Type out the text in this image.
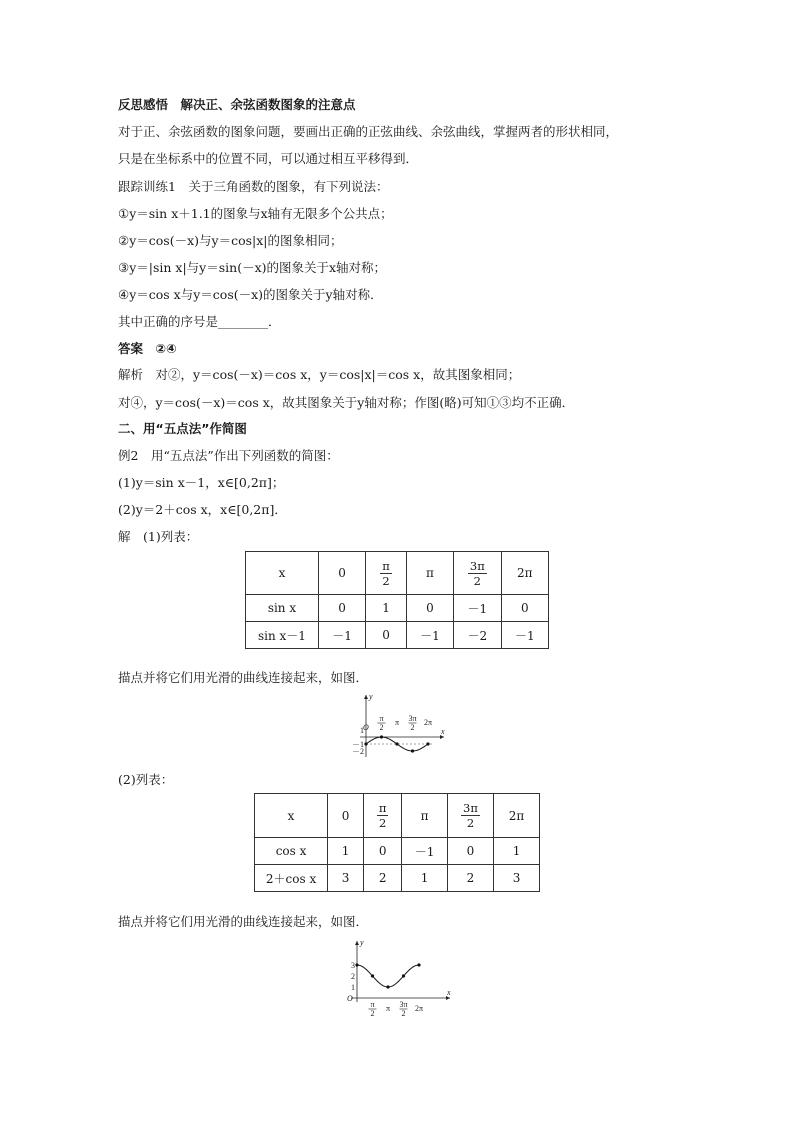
反思感悟　解决正、余弦函数图象的注意点
对于正、余弦函数的图象问题，要画出正确的正弦曲线、余弦曲线，掌握两者的形状相同，
只是在坐标系中的位置不同，可以通过相互平移得到．
跟踪训练1　关于三角函数的图象，有下列说法：
①y＝sin x＋1.1的图象与x轴有无限多个公共点；
②y＝cos(－x)与y＝cos|x|的图象相同；
③y＝|sin x|与y＝sin(－x)的图象关于x轴对称；
④y＝cos x与y＝cos(－x)的图象关于y轴对称．
其中正确的序号是________．
答案　②④
解析　对②，y＝cos(－x)＝cos x，y＝cos|x|＝cos x，故其图象相同；
对④，y＝cos(－x)＝cos x，故其图象关于y轴对称；作图(略)可知①③均不正确．
二、用“五点法”作简图
例2　用“五点法”作出下列函数的简图：
(1)y＝sin x－1，x∈[0,2π]；
(2)y＝2＋cos x，x∈[0,2π]．
解　(1)列表：
x	0	$\frac{\pi}{2}$	π	$\frac{3\pi}{2}$	2π
sin x	0	1	0	－1	0
sin x－1	－1	0	－1	－2	－1
描点并将它们用光滑的曲线连接起来，如图．
x
y
O
1
－1
－2
π
2
π 3π
2
2π
(2)列表：
x	0	$\frac{\pi}{2}$	π	$\frac{3\pi}{2}$	2π
cos x	1	0	－1	0	1
2＋cos x	3	2	1	2	3
描点并将它们用光滑的曲线连接起来，如图．
x
y
O
3
2
1
π
2
π 3π
2
2π
